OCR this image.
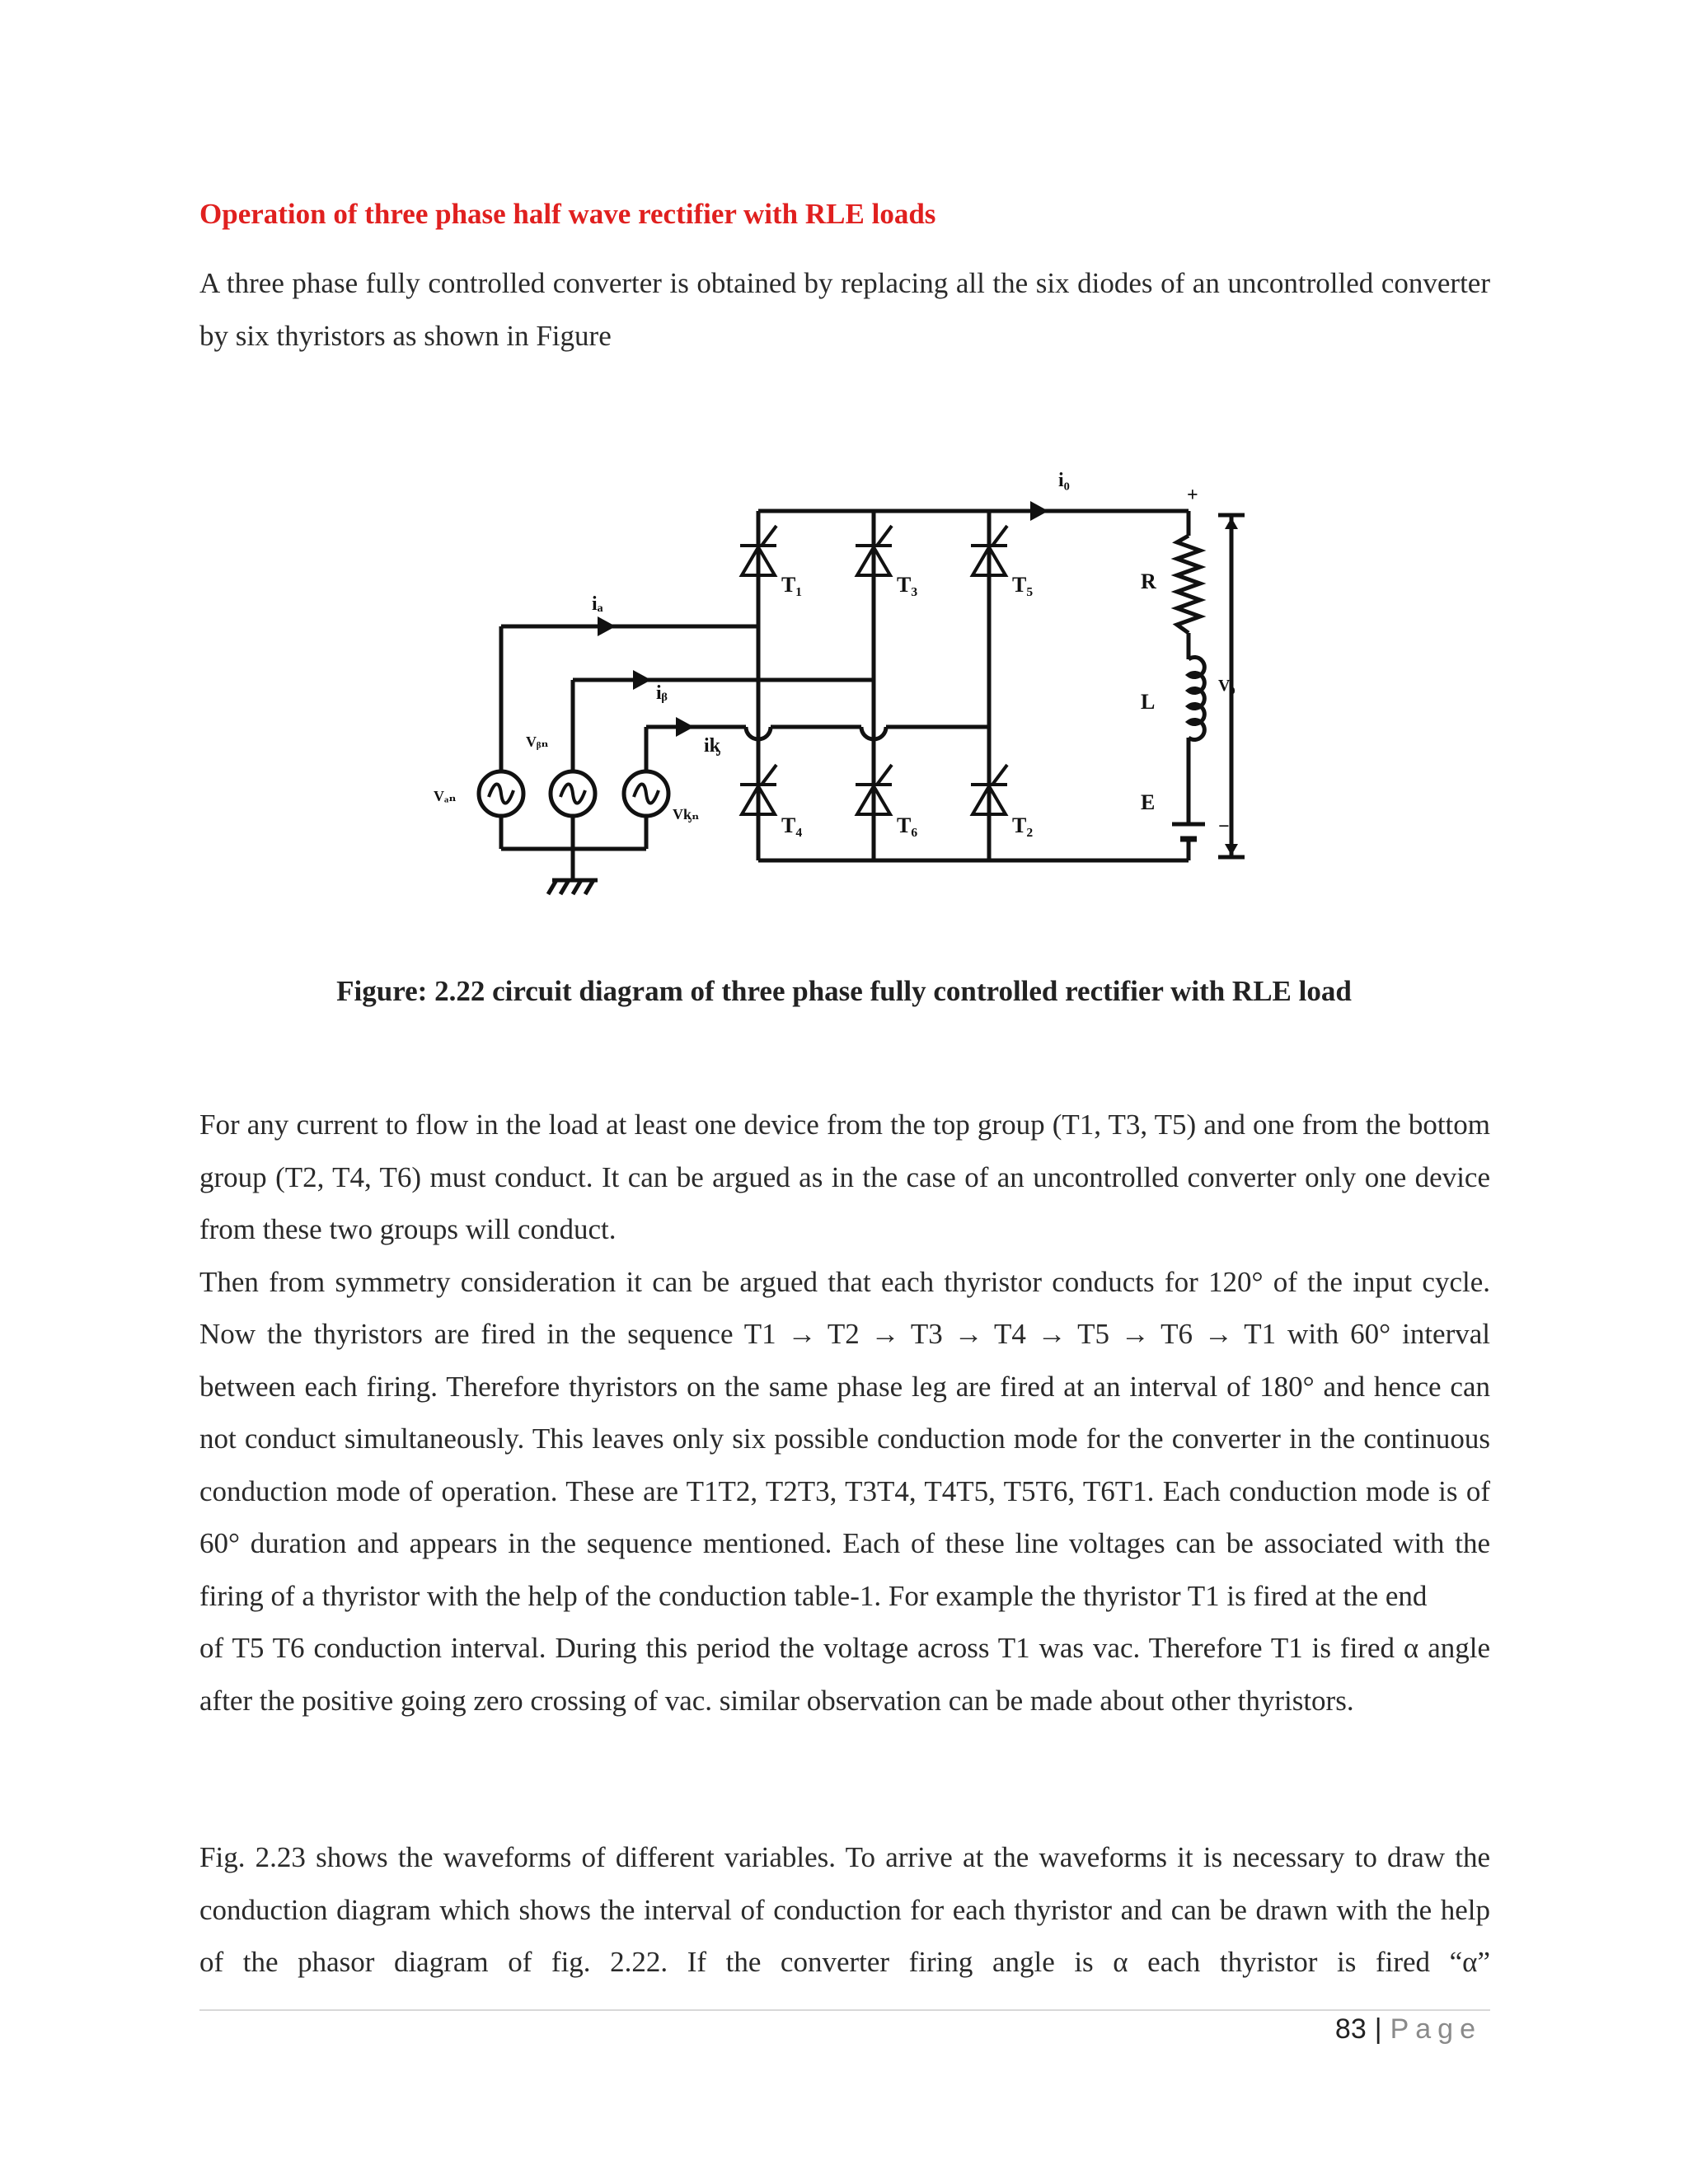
Operation of three phase half wave rectifier with RLE loads

A three phase fully controlled converter is obtained by replacing all the six diodes of an uncontrolled converter by six thyristors as shown in Figure

i₀
+
iₐ
iᵦ
iᶄ
T₁	T₃	T₅
T₄	T₆	T₂
R
L
E
V₀
−
Vₐₙ
Vᵦₙ
Vᶄₙ
Figure: 2.22 circuit diagram of three phase fully controlled rectifier with RLE load

For any current to flow in the load at least one device from the top group (T1, T3, T5) and one from the bottom group (T2, T4, T6) must conduct. It can be argued as in the case of an uncontrolled converter only one device from these two groups will conduct.

Then from symmetry consideration it can be argued that each thyristor conducts for 120° of the input cycle. Now the thyristors are fired in the sequence T1 → T2 → T3 → T4 → T5 → T6 → T1 with 60° interval between each firing. Therefore thyristors on the same phase leg are fired at an interval of 180° and hence can not conduct simultaneously. This leaves only six possible conduction mode for the converter in the continuous conduction mode of operation. These are T1T2, T2T3, T3T4, T4T5, T5T6, T6T1. Each conduction mode is of 60° duration and appears in the sequence mentioned. Each of these line voltages can be associated with the firing of a thyristor with the help of the conduction table-1. For example the thyristor T1 is fired at the end

of T5 T6 conduction interval. During this period the voltage across T1 was vac. Therefore T1 is fired α angle after the positive going zero crossing of vac. similar observation can be made about other thyristors.

Fig. 2.23 shows the waveforms of different variables. To arrive at the waveforms it is necessary to draw the conduction diagram which shows the interval of conduction for each thyristor and can be drawn with the help of the phasor diagram of fig. 2.22. If the converter firing angle is α each thyristor is fired “α”

83 | Page
